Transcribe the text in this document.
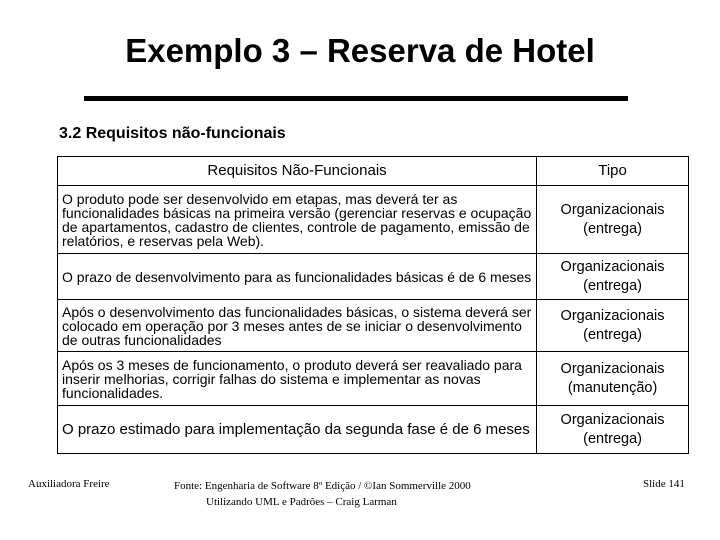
Exemplo 3 – Reserva de Hotel
3.2 Requisitos não-funcionais
Requisitos Não-Funcionais	Tipo
O produto pode ser desenvolvido em etapas, mas deverá ter as funcionalidades básicas na primeira versão (gerenciar reservas e ocupação de apartamentos, cadastro de clientes, controle de pagamento, emissão de relatórios, e reservas pela Web).	Organizacionais (entrega)
O prazo de desenvolvimento para as funcionalidades básicas é de 6 meses	Organizacionais (entrega)
Após o desenvolvimento das funcionalidades básicas, o sistema deverá ser colocado em operação por 3 meses antes de se iniciar o desenvolvimento de outras funcionalidades	Organizacionais (entrega)
Após os 3 meses de funcionamento, o produto deverá ser reavaliado para inserir melhorias, corrigir falhas do sistema e implementar as novas funcionalidades.	Organizacionais (manutenção)
O prazo estimado para implementação da segunda fase é de 6 meses	Organizacionais (entrega)
Auxiliadora Freire	Fonte: Engenharia de Software 8º Edição / ©Ian Sommerville 2000
Utilizando UML e Padrões – Craig Larman
Slide 141
